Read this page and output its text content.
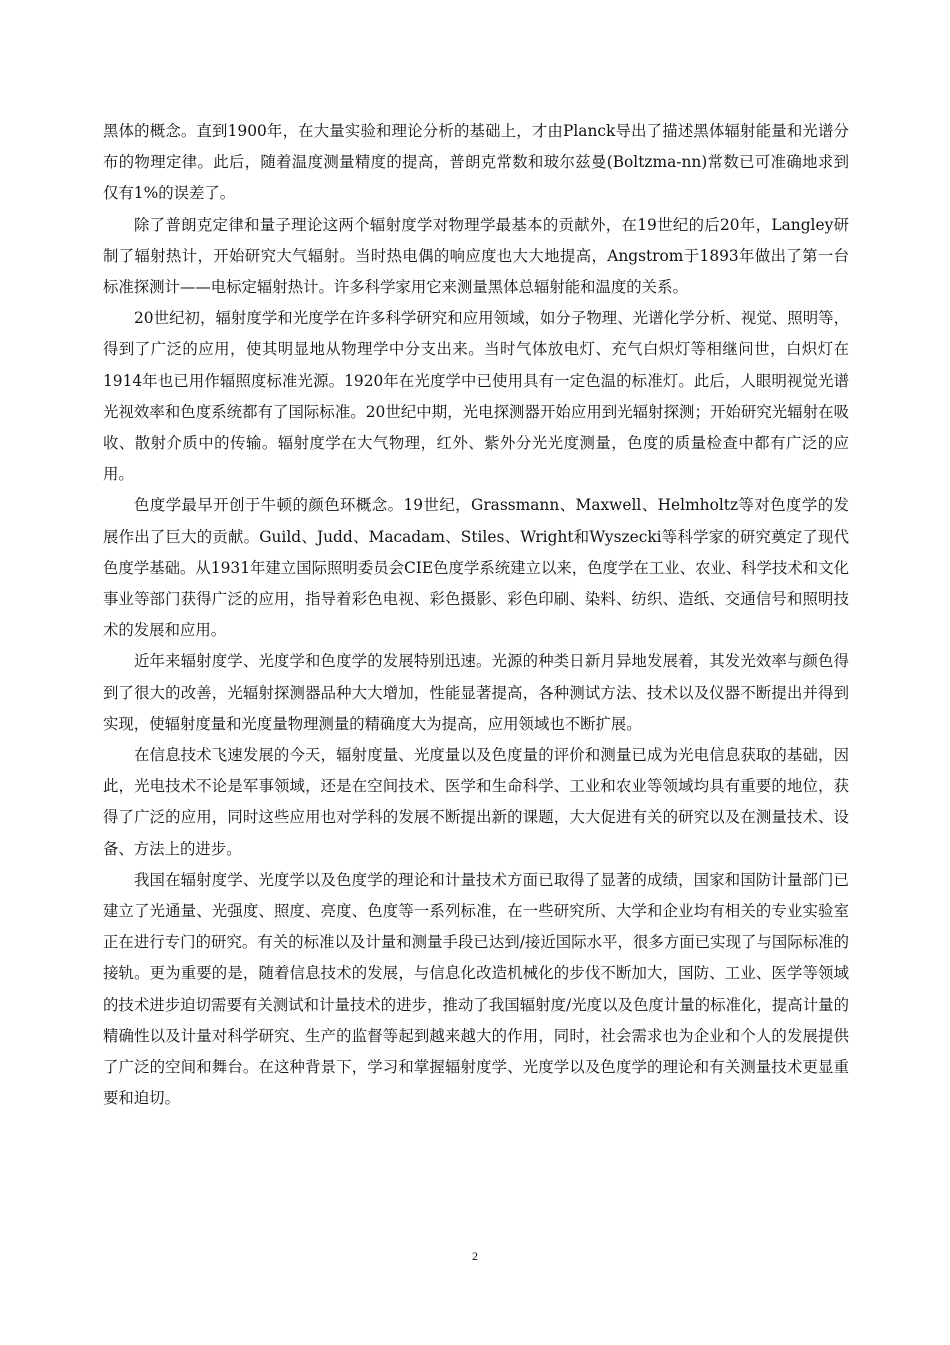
黑体的概念。直到1900年，在大量实验和理论分析的基础上，才由Planck导出了描述黑体辐射能量和光谱分布的物理定律。此后，随着温度测量精度的提高，普朗克常数和玻尔兹曼(Boltzma-nn)常数已可准确地求到仅有1%的误差了。

除了普朗克定律和量子理论这两个辐射度学对物理学最基本的贡献外，在19世纪的后20年，Langley研制了辐射热计，开始研究大气辐射。当时热电偶的响应度也大大地提高，Angstrom于1893年做出了第一台标准探测计——电标定辐射热计。许多科学家用它来测量黑体总辐射能和温度的关系。

20世纪初，辐射度学和光度学在许多科学研究和应用领域，如分子物理、光谱化学分析、视觉、照明等，得到了广泛的应用，使其明显地从物理学中分支出来。当时气体放电灯、充气白炽灯等相继问世，白炽灯在1914年也已用作辐照度标准光源。1920年在光度学中已使用具有一定色温的标准灯。此后，人眼明视觉光谱光视效率和色度系统都有了国际标准。20世纪中期，光电探测器开始应用到光辐射探测；开始研究光辐射在吸收、散射介质中的传输。辐射度学在大气物理，红外、紫外分光光度测量，色度的质量检查中都有广泛的应用。

色度学最早开创于牛顿的颜色环概念。19世纪，Grassmann、Maxwell、Helmholtz等对色度学的发展作出了巨大的贡献。Guild、Judd、Macadam、Stiles、Wright和Wyszecki等科学家的研究奠定了现代色度学基础。从1931年建立国际照明委员会CIE色度学系统建立以来，色度学在工业、农业、科学技术和文化事业等部门获得广泛的应用，指导着彩色电视、彩色摄影、彩色印刷、染料、纺织、造纸、交通信号和照明技术的发展和应用。

近年来辐射度学、光度学和色度学的发展特别迅速。光源的种类日新月异地发展着，其发光效率与颜色得到了很大的改善，光辐射探测器品种大大增加，性能显著提高，各种测试方法、技术以及仪器不断提出并得到实现，使辐射度量和光度量物理测量的精确度大为提高，应用领域也不断扩展。

在信息技术飞速发展的今天，辐射度量、光度量以及色度量的评价和测量已成为光电信息获取的基础，因此，光电技术不论是军事领域，还是在空间技术、医学和生命科学、工业和农业等领域均具有重要的地位，获得了广泛的应用，同时这些应用也对学科的发展不断提出新的课题，大大促进有关的研究以及在测量技术、设备、方法上的进步。

我国在辐射度学、光度学以及色度学的理论和计量技术方面已取得了显著的成绩，国家和国防计量部门已建立了光通量、光强度、照度、亮度、色度等一系列标准，在一些研究所、大学和企业均有相关的专业实验室正在进行专门的研究。有关的标准以及计量和测量手段已达到/接近国际水平，很多方面已实现了与国际标准的接轨。更为重要的是，随着信息技术的发展，与信息化改造机械化的步伐不断加大，国防、工业、医学等领域的技术进步迫切需要有关测试和计量技术的进步，推动了我国辐射度/光度以及色度计量的标准化，提高计量的精确性以及计量对科学研究、生产的监督等起到越来越大的作用，同时，社会需求也为企业和个人的发展提供了广泛的空间和舞台。在这种背景下，学习和掌握辐射度学、光度学以及色度学的理论和有关测量技术更显重要和迫切。

2
